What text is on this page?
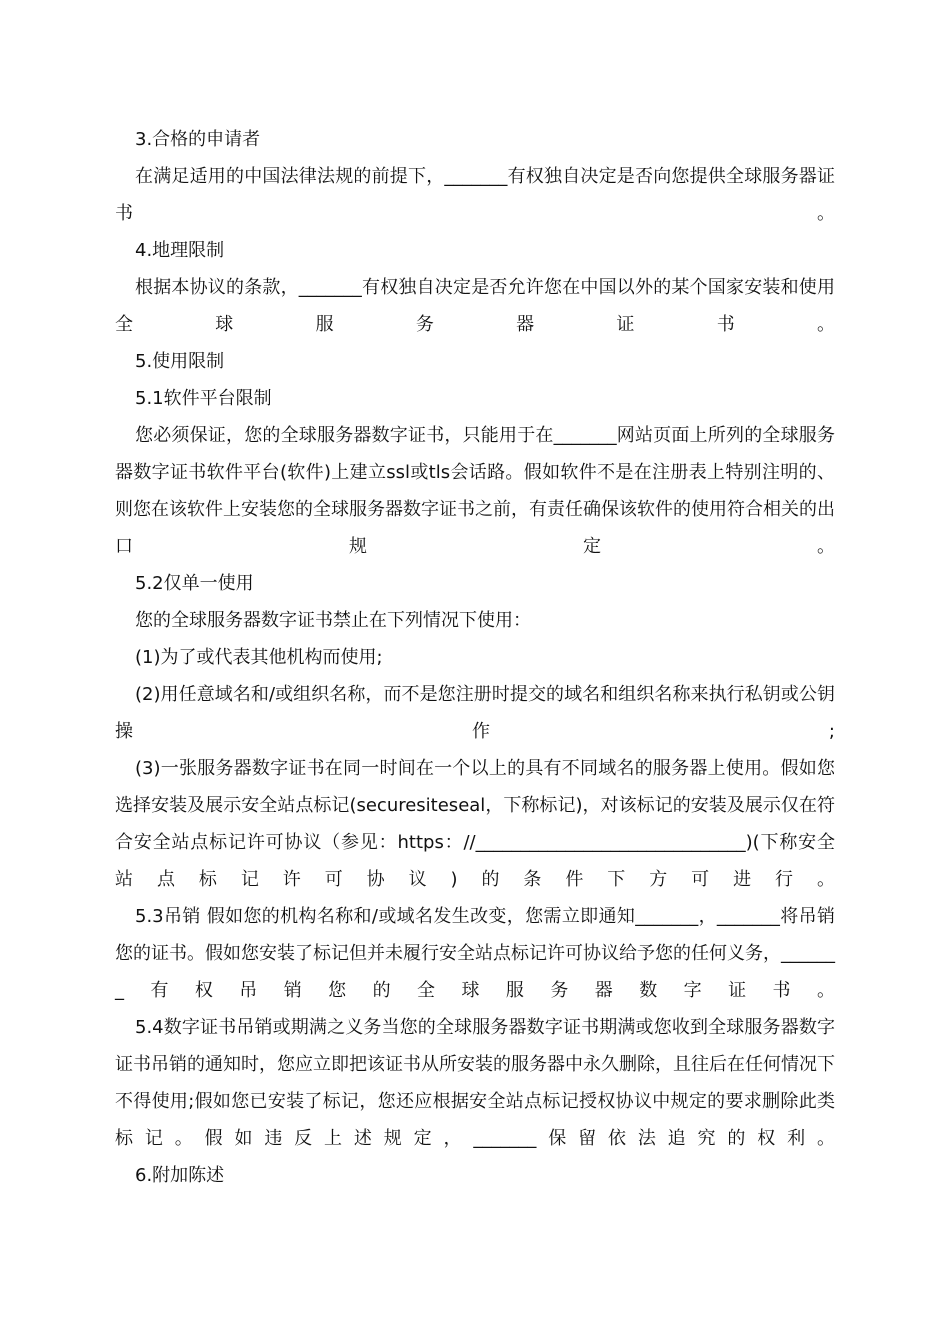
3.合格的申请者

在满足适用的中国法律法规的前提下，_______有权独自决定是否向您提供全球服务器证书。

4.地理限制

根据本协议的条款，_______有权独自决定是否允许您在中国以外的某个国家安装和使用全球服务器证书。

5.使用限制

5.1软件平台限制

您必须保证，您的全球服务器数字证书，只能用于在_______网站页面上所列的全球服务器数字证书软件平台(软件)上建立ssl或tls会话路。假如软件不是在注册表上特别注明的、则您在该软件上安装您的全球服务器数字证书之前，有责任确保该软件的使用符合相关的出口规定。

5.2仅单一使用

您的全球服务器数字证书禁止在下列情况下使用：

(1)为了或代表其他机构而使用;

(2)用任意域名和/或组织名称，而不是您注册时提交的域名和组织名称来执行私钥或公钥操作;

(3)一张服务器数字证书在同一时间在一个以上的具有不同域名的服务器上使用。假如您选择安装及展示安全站点标记(securesiteseal，下称标记)，对该标记的安装及展示仅在符合安全站点标记许可协议（参见：https：//______________________________)(下称安全站点标记许可协议)的条件下方可进行。

5.3吊销 假如您的机构名称和/或域名发生改变，您需立即通知_______，_______将吊销您的证书。假如您安装了标记但并未履行安全站点标记许可协议给予您的任何义务，_______有权吊销您的全球服务器数字证书。

5.4数字证书吊销或期满之义务当您的全球服务器数字证书期满或您收到全球服务器数字证书吊销的通知时，您应立即把该证书从所安装的服务器中永久删除，且往后在任何情况下不得使用;假如您已安装了标记，您还应根据安全站点标记授权协议中规定的要求删除此类标记。假如违反上述规定，_______保留依法追究的权利。

6.附加陈述
